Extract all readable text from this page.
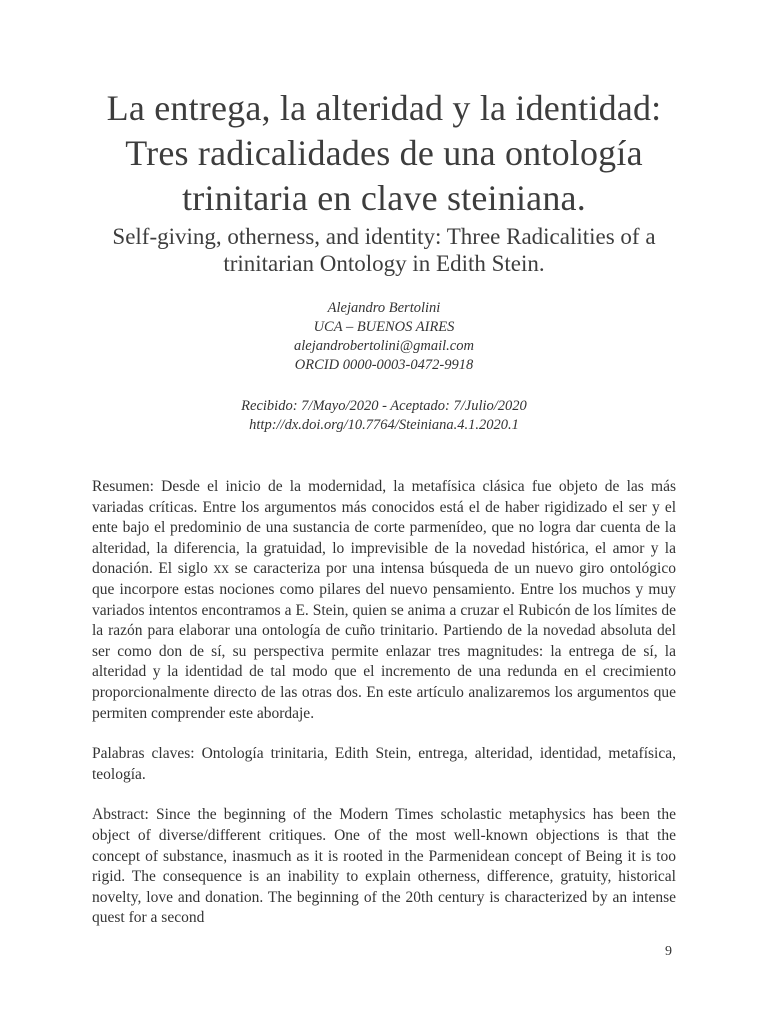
La entrega, la alteridad y la identidad: Tres radicalidades de una ontología trinitaria en clave steiniana.
Self-giving, otherness, and identity: Three Radicalities of a trinitarian Ontology in Edith Stein.
Alejandro Bertolini
UCA – BUENOS AIRES
alejandrobertolini@gmail.com
ORCID 0000-0003-0472-9918
Recibido: 7/Mayo/2020 - Aceptado: 7/Julio/2020
http://dx.doi.org/10.7764/Steiniana.4.1.2020.1

Resumen: Desde el inicio de la modernidad, la metafísica clásica fue objeto de las más variadas críticas. Entre los argumentos más conocidos está el de haber rigidizado el ser y el ente bajo el predominio de una sustancia de corte parmenídeo, que no logra dar cuenta de la alteridad, la diferencia, la gratuidad, lo imprevisible de la novedad histórica, el amor y la donación. El siglo xx se caracteriza por una intensa búsqueda de un nuevo giro ontológico que incorpore estas nociones como pilares del nuevo pensamiento. Entre los muchos y muy variados intentos encontramos a E. Stein, quien se anima a cruzar el Rubicón de los límites de la razón para elaborar una ontología de cuño trinitario. Partiendo de la novedad absoluta del ser como don de sí, su perspectiva permite enlazar tres magnitudes: la entrega de sí, la alteridad y la identidad de tal modo que el incremento de una redunda en el crecimiento proporcionalmente directo de las otras dos. En este artículo analizaremos los argumentos que permiten comprender este abordaje.

Palabras claves: Ontología trinitaria, Edith Stein, entrega, alteridad, identidad, metafísica, teología.

Abstract: Since the beginning of the Modern Times scholastic metaphysics has been the object of diverse/different critiques. One of the most well-known objections is that the concept of substance, inasmuch as it is rooted in the Parmenidean concept of Being it is too rigid. The consequence is an inability to explain otherness, difference, gratuity, historical novelty, love and donation. The beginning of the 20th century is characterized by an intense quest for a second

9
